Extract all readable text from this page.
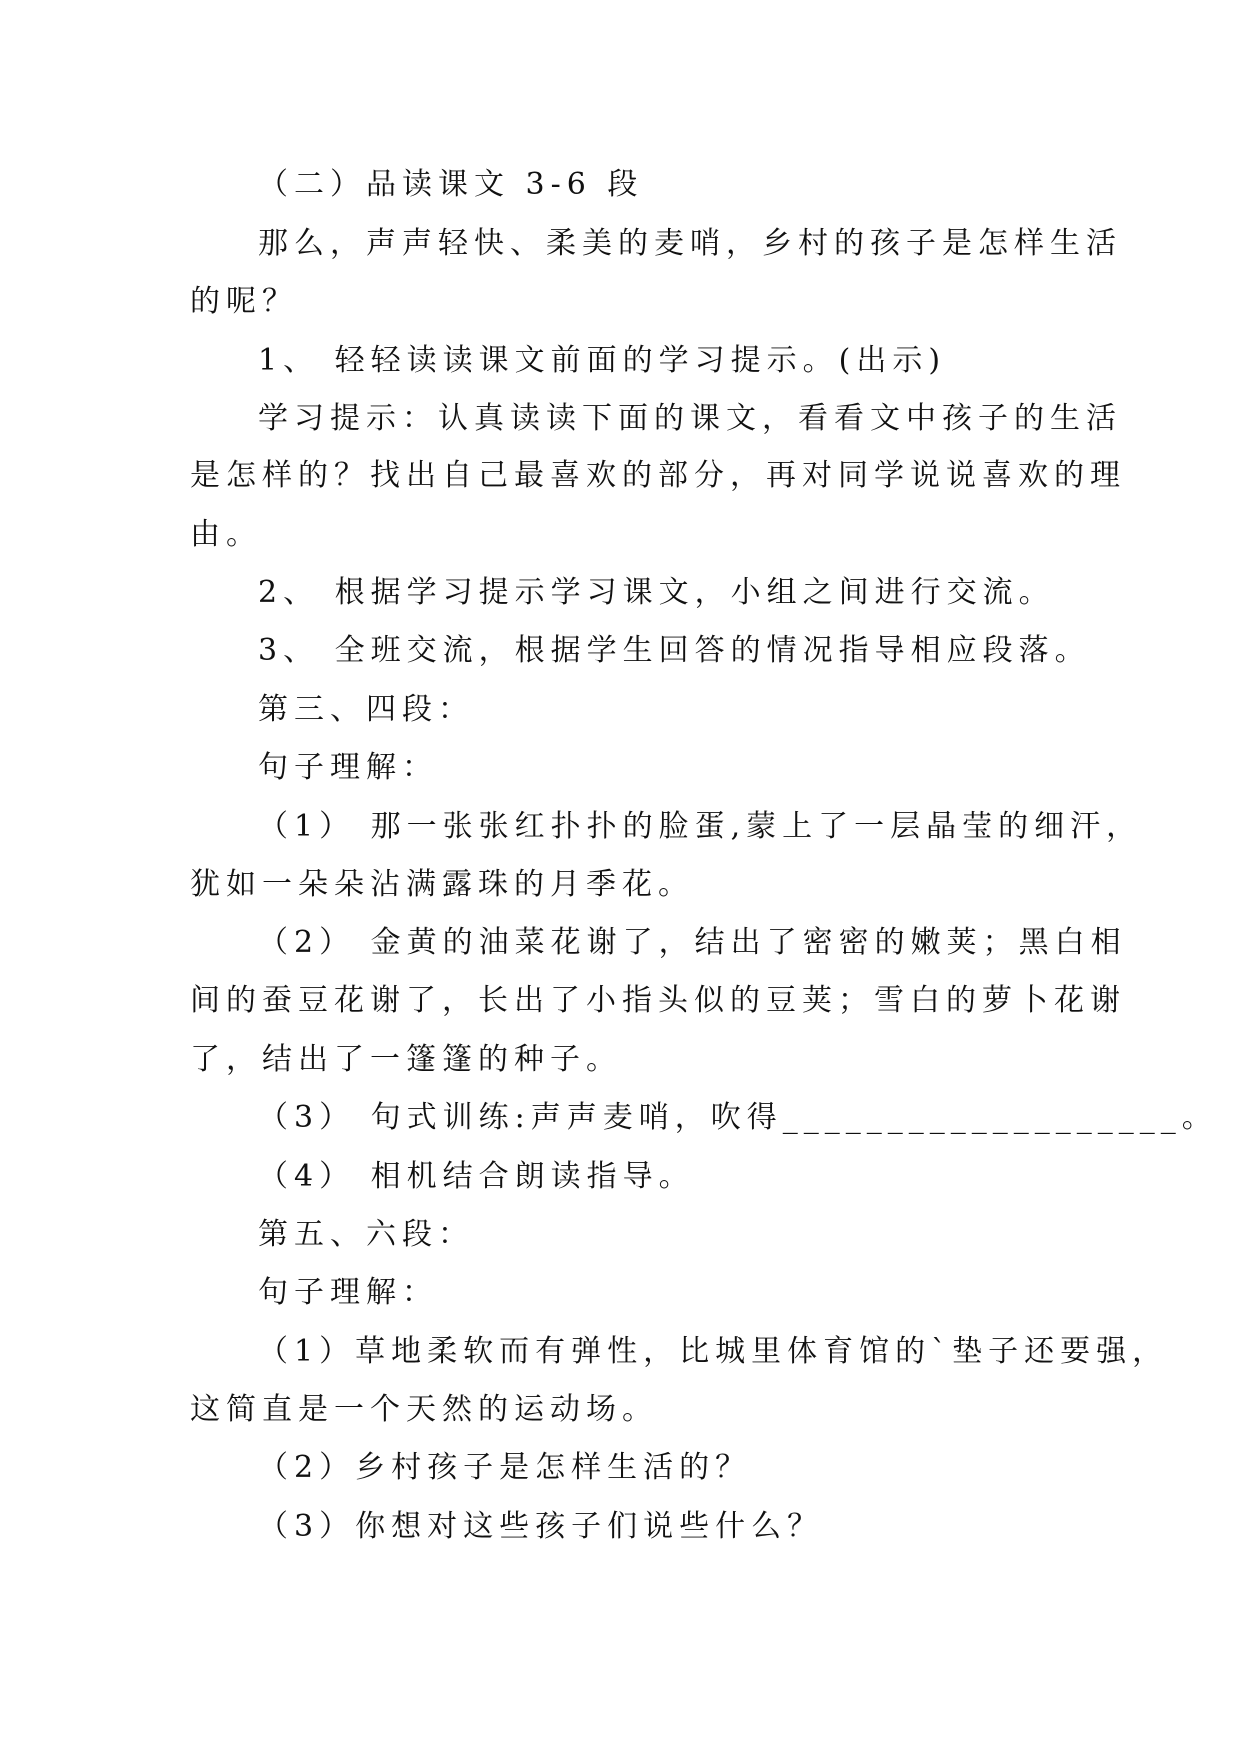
（二）品读课文 3-6 段
那么，声声轻快、柔美的麦哨，乡村的孩子是怎样生活
的呢？
1、 轻轻读读课文前面的学习提示。(出示)
学习提示：认真读读下面的课文，看看文中孩子的生活
是怎样的？找出自己最喜欢的部分，再对同学说说喜欢的理
由。
2、 根据学习提示学习课文，小组之间进行交流。
3、 全班交流，根据学生回答的情况指导相应段落。
第三、四段：
句子理解：
（1） 那一张张红扑扑的脸蛋,蒙上了一层晶莹的细汗，
犹如一朵朵沾满露珠的月季花。
（2） 金黄的油菜花谢了，结出了密密的嫩荚；黑白相
间的蚕豆花谢了，长出了小指头似的豆荚；雪白的萝卜花谢
了，结出了一篷篷的种子。
（3） 句式训练:声声麦哨，吹得___________________。
（4） 相机结合朗读指导。
第五、六段：
句子理解：
（1）草地柔软而有弹性，比城里体育馆的`垫子还要强，
这简直是一个天然的运动场。
（2）乡村孩子是怎样生活的？
（3）你想对这些孩子们说些什么？
